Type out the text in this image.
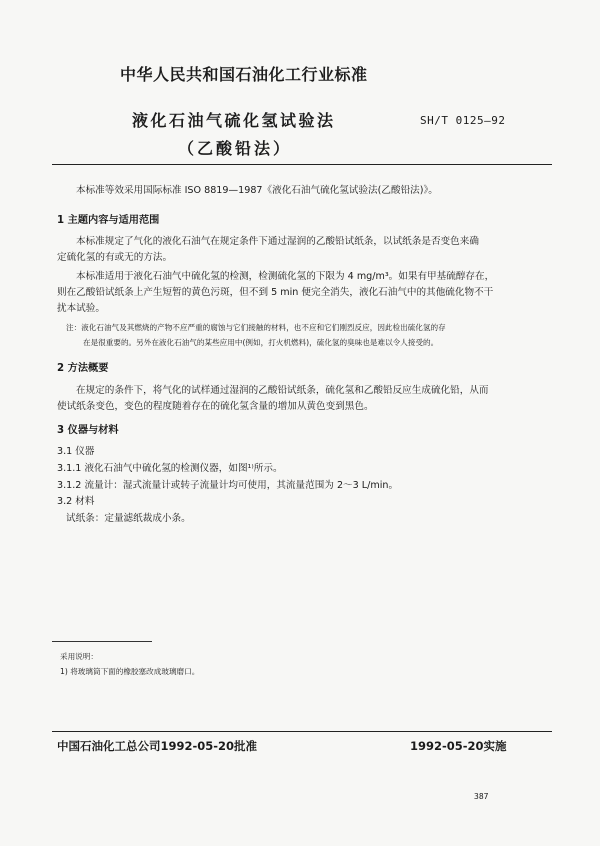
中华人民共和国石油化工行业标准
液化石油气硫化氢试验法
（乙酸铅法）
SH/T 0125—92
本标准等效采用国际标准 ISO 8819—1987《液化石油气硫化氢试验法(乙酸铅法)》。
1 主题内容与适用范围
本标准规定了气化的液化石油气在规定条件下通过湿润的乙酸铅试纸条，以试纸条是否变色来确
定硫化氢的有或无的方法。
本标准适用于液化石油气中硫化氢的检测，检测硫化氢的下限为 4 mg/m³。如果有甲基硫醇存在，
则在乙酸铅试纸条上产生短暂的黄色污斑，但不到 5 min 便完全消失，液化石油气中的其他硫化物不干
扰本试验。
注：液化石油气及其燃烧的产物不应严重的腐蚀与它们接触的材料，也不应和它们刚烈反应，因此检出硫化氢的存
在是很重要的。另外在液化石油气的某些应用中(例如，打火机燃料)，硫化氢的臭味也是难以令人接受的。
2 方法概要
在规定的条件下，将气化的试样通过湿润的乙酸铅试纸条，硫化氢和乙酸铅反应生成硫化铅，从而
使试纸条变色，变色的程度随着存在的硫化氢含量的增加从黄色变到黑色。
3 仪器与材料
3.1 仪器
3.1.1 液化石油气中硫化氢的检测仪器，如图¹⁾所示。
3.1.2 流量计：湿式流量计或转子流量计均可使用，其流量范围为 2～3 L/min。
3.2 材料
试纸条：定量滤纸裁成小条。
采用说明：
1) 将玻璃筒下面的橡胶塞改成玻璃磨口。
中国石油化工总公司1992-05-20批准	1992-05-20实施
387
